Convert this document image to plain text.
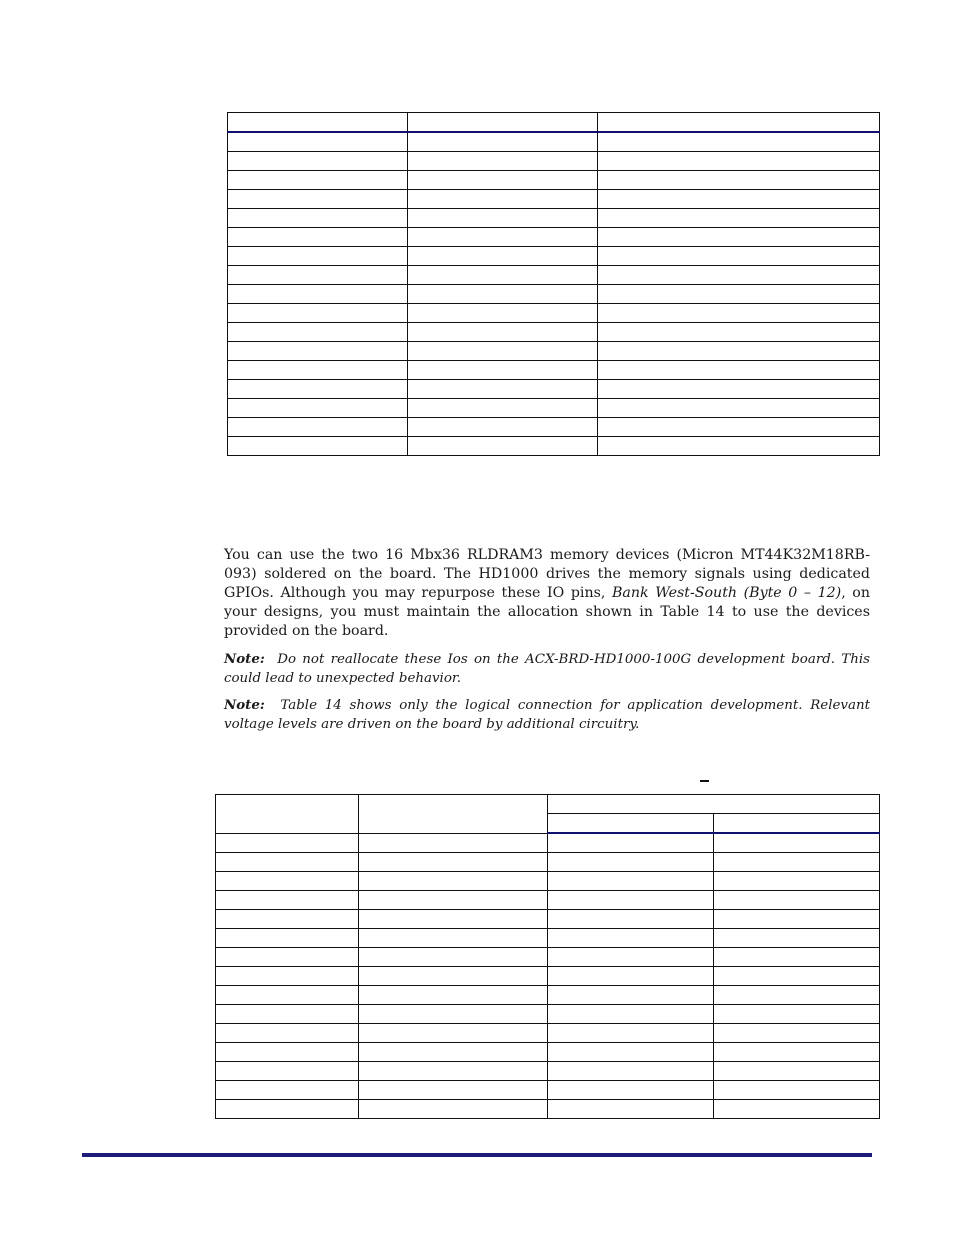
You can use the two 16 Mbx36 RLDRAM3 memory devices (Micron MT44K32M18RB-093) soldered on the board. The HD1000 drives the memory signals using dedicated GPIOs. Although you may repurpose these IO pins, Bank West-South (Byte 0 – 12), on your designs, you must maintain the allocation shown in Table 14 to use the devices provided on the board.

Note: Do not reallocate these Ios on the ACX-BRD-HD1000-100G development board. This could lead to unexpected behavior.

Note: Table 14 shows only the logical connection for application development. Relevant voltage levels are driven on the board by additional circuitry.
